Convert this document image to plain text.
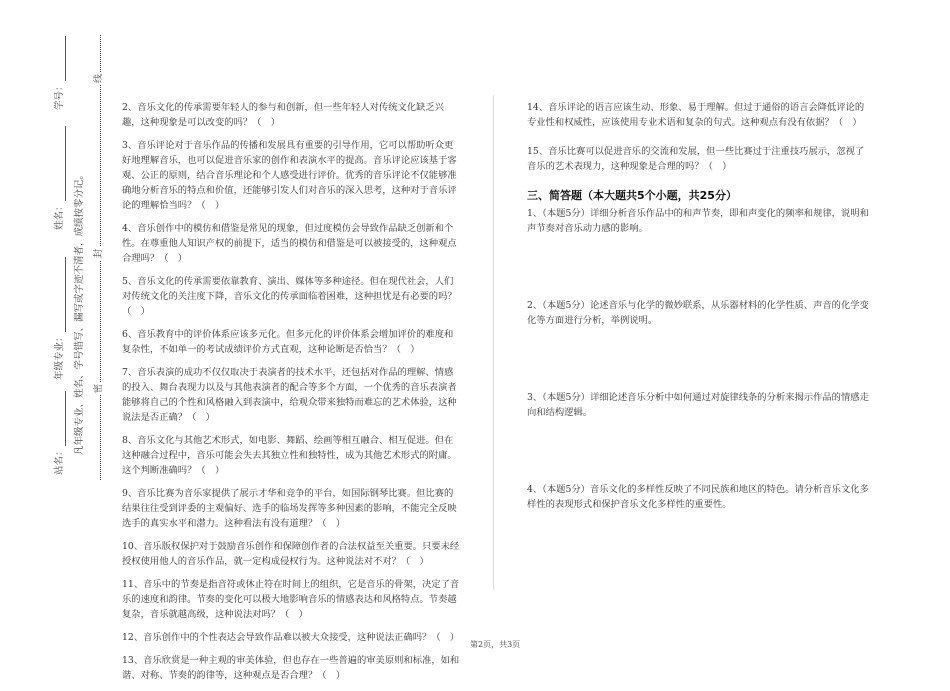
站名：
年级专业：
姓名：
学号：
凡年级专业、姓名、学号错写、漏写或字迹不清者，成绩按零分记。 密
封
线
2、音乐文化的传承需要年轻人的参与和创新，但一些年轻人对传统文化缺乏兴趣，这种现象是可以改变的吗？（　）
3、音乐评论对于音乐作品的传播和发展具有重要的引导作用，它可以帮助听众更好地理解音乐，也可以促进音乐家的创作和表演水平的提高。音乐评论应该基于客观、公正的原则，结合音乐理论和个人感受进行评价。优秀的音乐评论不仅能够准确地分析音乐的特点和价值，还能够引发人们对音乐的深入思考，这种对于音乐评论的理解恰当吗？（　）
4、音乐创作中的模仿和借鉴是常见的现象，但过度模仿会导致作品缺乏创新和个性。在尊重他人知识产权的前提下，适当的模仿和借鉴是可以被接受的，这种观点合理吗？（　）
5、音乐文化的传承需要依靠教育、演出、媒体等多种途径。但在现代社会，人们对传统文化的关注度下降，音乐文化的传承面临着困难，这种担忧是有必要的吗？（　）
6、音乐教育中的评价体系应该多元化。但多元化的评价体系会增加评价的难度和复杂性，不如单一的考试成绩评价方式直观，这种论断是否恰当？（　）
7、音乐表演的成功不仅仅取决于表演者的技术水平，还包括对作品的理解、情感的投入、舞台表现力以及与其他表演者的配合等多个方面，一个优秀的音乐表演者能够将自己的个性和风格融入到表演中，给观众带来独特而难忘的艺术体验，这种说法是否正确？（　）
8、音乐文化与其他艺术形式，如电影、舞蹈、绘画等相互融合、相互促进。但在这种融合过程中，音乐可能会失去其独立性和独特性，成为其他艺术形式的附庸。这个判断准确吗？（　）
9、音乐比赛为音乐家提供了展示才华和竞争的平台，如国际钢琴比赛。但比赛的结果往往受到评委的主观偏好、选手的临场发挥等多种因素的影响，不能完全反映选手的真实水平和潜力。这种看法有没有道理？（　）
10、音乐版权保护对于鼓励音乐创作和保障创作者的合法权益至关重要。只要未经授权使用他人的音乐作品，就一定构成侵权行为。这种说法对不对？（　）
11、音乐中的节奏是指音符或休止符在时间上的组织，它是音乐的骨架，决定了音乐的速度和韵律。节奏的变化可以极大地影响音乐的情感表达和风格特点。节奏越复杂，音乐就越高级，这种说法对吗？（　）
12、音乐创作中的个性表达会导致作品难以被大众接受，这种说法正确吗？（　）
13、音乐欣赏是一种主观的审美体验，但也存在一些普遍的审美原则和标准，如和谐、对称、节奏的韵律等，这种观点是否合理？（　）
14、音乐评论的语言应该生动、形象、易于理解。但过于通俗的语言会降低评论的专业性和权威性，应该使用专业术语和复杂的句式。这种观点有没有依据？（　）
15、音乐比赛可以促进音乐的交流和发展，但一些比赛过于注重技巧展示，忽视了音乐的艺术表现力，这种现象是合理的吗？（　）
三、简答题（本大题共5个小题，共25分）
1、（本题5分）详细分析音乐作品中的和声节奏，即和声变化的频率和规律，说明和声节奏对音乐动力感的影响。
2、（本题5分）论述音乐与化学的微妙联系，从乐器材料的化学性质、声音的化学变化等方面进行分析，举例说明。
3、（本题5分）详细论述音乐分析中如何通过对旋律线条的分析来揭示作品的情感走向和结构逻辑。
4、（本题5分）音乐文化的多样性反映了不同民族和地区的特色。请分析音乐文化多样性的表现形式和保护音乐文化多样性的重要性。
第2页，共3页
